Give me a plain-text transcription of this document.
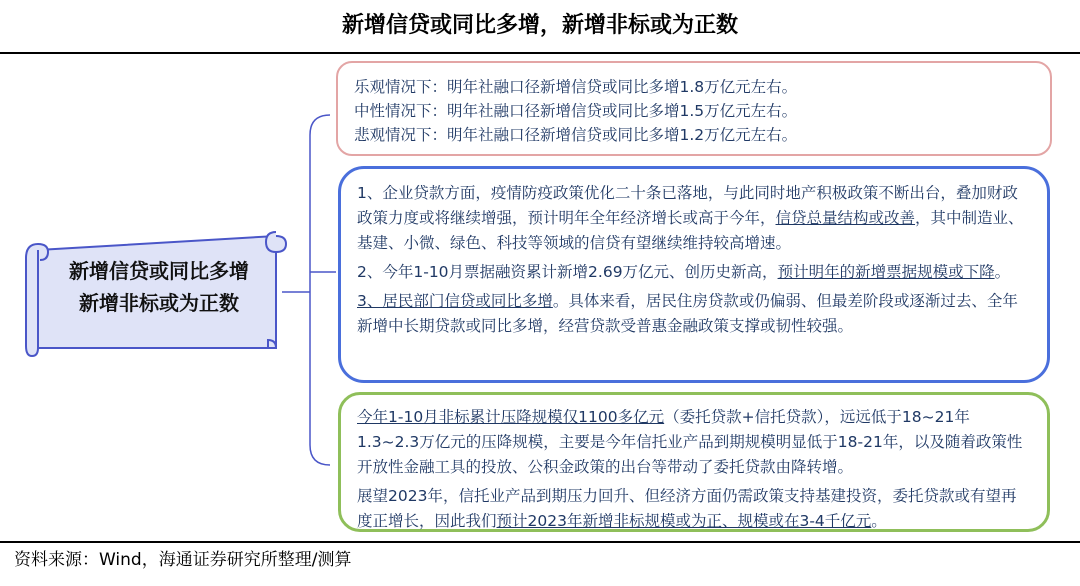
新增信贷或同比多增，新增非标或为正数
新增信贷或同比多增
新增非标或为正数

乐观情况下：明年社融口径新增信贷或同比多增1.8万亿元左右。

中性情况下：明年社融口径新增信贷或同比多增1.5万亿元左右。

悲观情况下：明年社融口径新增信贷或同比多增1.2万亿元左右。

1、企业贷款方面，疫情防疫政策优化二十条已落地，与此同时地产积极政策不断出台，叠加财政政策力度或将继续增强，预计明年全年经济增长或高于今年，信贷总量结构或改善，其中制造业、基建、小微、绿色、科技等领域的信贷有望继续维持较高增速。

2、今年1-10月票据融资累计新增2.69万亿元、创历史新高，预计明年的新增票据规模或下降。

3、居民部门信贷或同比多增。具体来看，居民住房贷款或仍偏弱、但最差阶段或逐渐过去、全年新增中长期贷款或同比多增，经营贷款受普惠金融政策支撑或韧性较强。

今年1-10月非标累计压降规模仅1100多亿元（委托贷款+信托贷款），远远低于18~21年1.3~2.3万亿元的压降规模，主要是今年信托业产品到期规模明显低于18-21年，以及随着政策性开放性金融工具的投放、公积金政策的出台等带动了委托贷款由降转增。

展望2023年，信托业产品到期压力回升、但经济方面仍需政策支持基建投资，委托贷款或有望再度正增长，因此我们预计2023年新增非标规模或为正、规模或在3-4千亿元。

资料来源：Wind，海通证券研究所整理/测算
